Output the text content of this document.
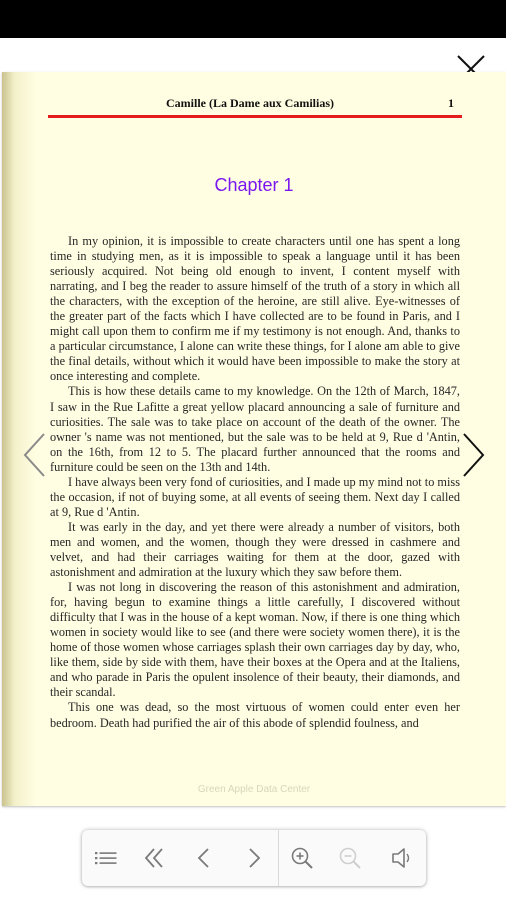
Camille (La Dame aux Camilias)	1
Chapter 1

In my opinion, it is impossible to create characters until one has spent a long time in studying men, as it is impossible to speak a language until it has been seriously acquired. Not being old enough to invent, I content myself with narrating, and I beg the reader to assure himself of the truth of a story in which all the characters, with the exception of the heroine, are still alive. Eye-witnesses of the greater part of the facts which I have collected are to be found in Paris, and I might call upon them to confirm me if my testimony is not enough. And, thanks to a particular circumstance, I alone can write these things, for I alone am able to give the final details, without which it would have been impossible to make the story at once interesting and complete.

This is how these details came to my knowledge. On the 12th of March, 1847, I saw in the Rue Lafitte a great yellow placard announcing a sale of furniture and curiosities. The sale was to take place on account of the death of the owner. The owner 's name was not mentioned, but the sale was to be held at 9, Rue d 'Antin, on the 16th, from 12 to 5. The placard further announced that the rooms and furniture could be seen on the 13th and 14th.

I have always been very fond of curiosities, and I made up my mind not to miss the occasion, if not of buying some, at all events of seeing them. Next day I called at 9, Rue d 'Antin.

It was early in the day, and yet there were already a number of visitors, both men and women, and the women, though they were dressed in cashmere and velvet, and had their carriages waiting for them at the door, gazed with astonishment and admiration at the luxury which they saw before them.

I was not long in discovering the reason of this astonishment and admiration, for, having begun to examine things a little carefully, I discovered without difficulty that I was in the house of a kept woman. Now, if there is one thing which women in society would like to see (and there were society women there), it is the home of those women whose carriages splash their own carriages day by day, who, like them, side by side with them, have their boxes at the Opera and at the Italiens, and who parade in Paris the opulent insolence of their beauty, their diamonds, and their scandal.

This one was dead, so the most virtuous of women could enter even her bedroom. Death had purified the air of this abode of splendid foulness, and

Green Apple Data Center
